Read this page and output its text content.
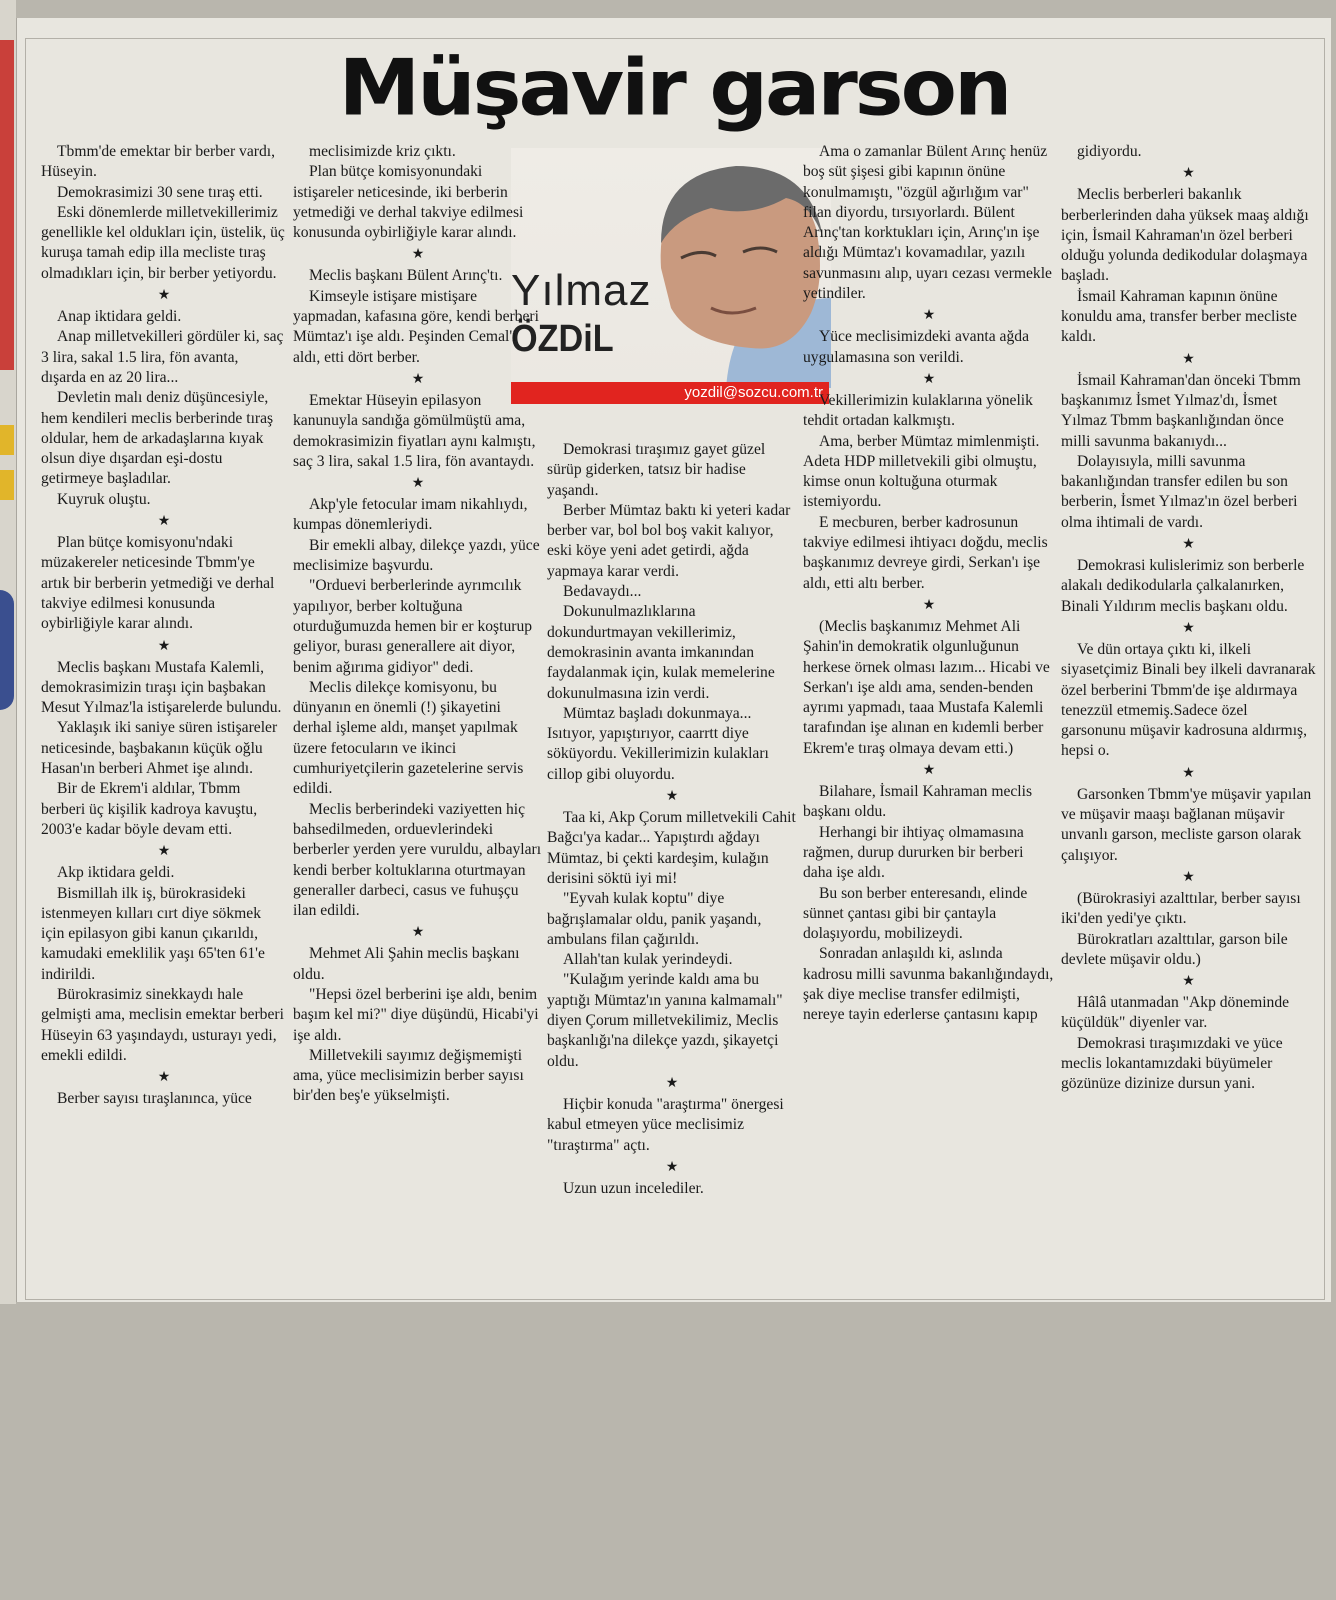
Müşavir garson
Yılmaz
ÖZDiL
yozdil@sozcu.com.tr

Tbmm'de emektar bir berber vardı, Hüseyin.

Demokrasimizi 30 sene tıraş etti.

Eski dönemlerde milletvekillerimiz genellikle kel oldukları için, üstelik, üç kuruşa tamah edip illa mecliste tıraş olmadıkları için, bir berber yetiyordu.

★

Anap iktidara geldi.

Anap milletvekilleri gördüler ki, saç 3 lira, sakal 1.5 lira, fön avanta, dışarda en az 20 lira...

Devletin malı deniz düşüncesiyle, hem kendileri meclis berberinde tıraş oldular, hem de arkadaşlarına kıyak olsun diye dışardan eşi-dostu getirmeye başladılar.

Kuyruk oluştu.

★

Plan bütçe komisyonu'ndaki müzakereler neticesinde Tbmm'ye artık bir berberin yetmediği ve derhal takviye edilmesi konusunda oybirliğiyle karar alındı.

★

Meclis başkanı Mustafa Kalemli, demokrasimizin tıraşı için başbakan Mesut Yılmaz'la istişarelerde bulundu.

Yaklaşık iki saniye süren istişareler neticesinde, başbakanın küçük oğlu Hasan'ın berberi Ahmet işe alındı.

Bir de Ekrem'i aldılar, Tbmm berberi üç kişilik kadroya kavuştu, 2003'e kadar böyle devam etti.

★

Akp iktidara geldi.

Bismillah ilk iş, bürokrasideki istenmeyen kılları cırt diye sökmek için epilasyon gibi kanun çıkarıldı, kamudaki emeklilik yaşı 65'ten 61'e indirildi.

Bürokrasimiz sinekkaydı hale gelmişti ama, meclisin emektar berberi Hüseyin 63 yaşındaydı, usturayı yedi, emekli edildi.

★

Berber sayısı tıraşlanınca, yüce

meclisimizde kriz çıktı.

Plan bütçe komisyonundaki istişareler neticesinde, iki berberin yetmediği ve derhal takviye edilmesi konusunda oybirliğiyle karar alındı.

★

Meclis başkanı Bülent Arınç'tı.

Kimseyle istişare mistişare yapmadan, kafasına göre, kendi berberi Mümtaz'ı işe aldı. Peşinden Cemal'i aldı, etti dört berber.

★

Emektar Hüseyin epilasyon kanunuyla sandığa gömülmüştü ama, demokrasimizin fiyatları aynı kalmıştı, saç 3 lira, sakal 1.5 lira, fön avantaydı.

★

Akp'yle fetocular imam nikahlıydı, kumpas dönemleriydi.

Bir emekli albay, dilekçe yazdı, yüce meclisimize başvurdu.

"Orduevi berberlerinde ayrımcılık yapılıyor, berber koltuğuna oturduğumuzda hemen bir er koşturup geliyor, burası generallere ait diyor, benim ağırıma gidiyor" dedi.

Meclis dilekçe komisyonu, bu dünyanın en önemli (!) şikayetini derhal işleme aldı, manşet yapılmak üzere fetocuların ve ikinci cumhuriyetçilerin gazetelerine servis edildi.

Meclis berberindeki vaziyetten hiç bahsedilmeden, orduevlerindeki berberler yerden yere vuruldu, albayları kendi berber koltuklarına oturtmayan generaller darbeci, casus ve fuhuşçu ilan edildi.

★

Mehmet Ali Şahin meclis başkanı oldu.

"Hepsi özel berberini işe aldı, benim başım kel mi?" diye düşündü, Hicabi'yi işe aldı.

Milletvekili sayımız değişmemişti ama, yüce meclisimizin berber sayısı bir'den beş'e yükselmişti.

Demokrasi tıraşımız gayet güzel sürüp giderken, tatsız bir hadise yaşandı.

Berber Mümtaz baktı ki yeteri kadar berber var, bol bol boş vakit kalıyor, eski köye yeni adet getirdi, ağda yapmaya karar verdi.

Bedavaydı...

Dokunulmazlıklarına dokundurtmayan vekillerimiz, demokrasinin avanta imkanından faydalanmak için, kulak memelerine dokunulmasına izin verdi.

Mümtaz başladı dokunmaya... Isıtıyor, yapıştırıyor, caarrtt diye söküyordu. Vekillerimizin kulakları cillop gibi oluyordu.

★

Taa ki, Akp Çorum milletvekili Cahit Bağcı'ya kadar... Yapıştırdı ağdayı Mümtaz, bi çekti kardeşim, kulağın derisini söktü iyi mi!

"Eyvah kulak koptu" diye bağrışlamalar oldu, panik yaşandı, ambulans filan çağırıldı.

Allah'tan kulak yerindeydi.

"Kulağım yerinde kaldı ama bu yaptığı Mümtaz'ın yanına kalmamalı" diyen Çorum milletvekilimiz, Meclis başkanlığı'na dilekçe yazdı, şikayetçi oldu.

★

Hiçbir konuda "araştırma" önergesi kabul etmeyen yüce meclisimiz "tıraştırma" açtı.

★

Uzun uzun incelediler.

Ama o zamanlar Bülent Arınç henüz boş süt şişesi gibi kapının önüne konulmamıştı, "özgül ağırlığım var" filan diyordu, tırsıyorlardı. Bülent Arınç'tan korktukları için, Arınç'ın işe aldığı Mümtaz'ı kovamadılar, yazılı savunmasını alıp, uyarı cezası vermekle yetindiler.

★

Yüce meclisimizdeki avanta ağda uygulamasına son verildi.

★

Vekillerimizin kulaklarına yönelik tehdit ortadan kalkmıştı.

Ama, berber Mümtaz mimlenmişti. Adeta HDP milletvekili gibi olmuştu, kimse onun koltuğuna oturmak istemiyordu.

E mecburen, berber kadrosunun takviye edilmesi ihtiyacı doğdu, meclis başkanımız devreye girdi, Serkan'ı işe aldı, etti altı berber.

★

(Meclis başkanımız Mehmet Ali Şahin'in demokratik olgunluğunun herkese örnek olması lazım... Hicabi ve Serkan'ı işe aldı ama, senden-benden ayrımı yapmadı, taaa Mustafa Kalemli tarafından işe alınan en kıdemli berber Ekrem'e tıraş olmaya devam etti.)

★

Bilahare, İsmail Kahraman meclis başkanı oldu.

Herhangi bir ihtiyaç olmamasına rağmen, durup dururken bir berberi daha işe aldı.

Bu son berber enteresandı, elinde sünnet çantası gibi bir çantayla dolaşıyordu, mobilizeydi.

Sonradan anlaşıldı ki, aslında kadrosu milli savunma bakanlığındaydı, şak diye meclise transfer edilmişti, nereye tayin ederlerse çantasını kapıp

gidiyordu.

★

Meclis berberleri bakanlık berberlerinden daha yüksek maaş aldığı için, İsmail Kahraman'ın özel berberi olduğu yolunda dedikodular dolaşmaya başladı.

İsmail Kahraman kapının önüne konuldu ama, transfer berber mecliste kaldı.

★

İsmail Kahraman'dan önceki Tbmm başkanımız İsmet Yılmaz'dı, İsmet Yılmaz Tbmm başkanlığından önce milli savunma bakanıydı...

Dolayısıyla, milli savunma bakanlığından transfer edilen bu son berberin, İsmet Yılmaz'ın özel berberi olma ihtimali de vardı.

★

Demokrasi kulislerimiz son berberle alakalı dedikodularla çalkalanırken, Binali Yıldırım meclis başkanı oldu.

★

Ve dün ortaya çıktı ki, ilkeli siyasetçimiz Binali bey ilkeli davranarak özel berberini Tbmm'de işe aldırmaya tenezzül etmemiş.Sadece özel garsonunu müşavir kadrosuna aldırmış, hepsi o.

★

Garsonken Tbmm'ye müşavir yapılan ve müşavir maaşı bağlanan müşavir unvanlı garson, mecliste garson olarak çalışıyor.

★

(Bürokrasiyi azalttılar, berber sayısı iki'den yedi'ye çıktı.

Bürokratları azalttılar, garson bile devlete müşavir oldu.)

★

Hâlâ utanmadan "Akp döneminde küçüldük" diyenler var.

Demokrasi tıraşımızdaki ve yüce meclis lokantamızdaki büyümeler gözünüze dizinize dursun yani.
